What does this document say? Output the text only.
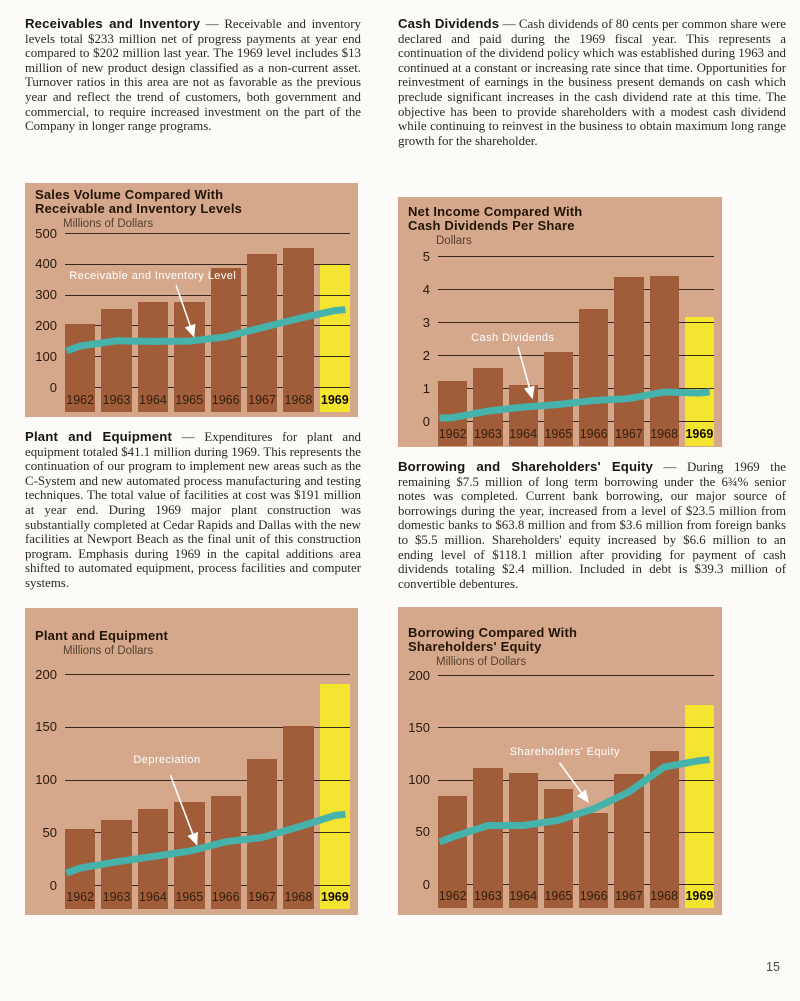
Receivables and Inventory — Receivable and inventory levels total $233 million net of progress payments at year end compared to $202 million last year. The 1969 level includes $13 million of new product design classified as a non-current asset. Turnover ratios in this area are not as favorable as the previous year and reflect the trend of customers, both government and commercial, to require increased investment on the part of the Company in longer range programs.

Cash Dividends — Cash dividends of 80 cents per common share were declared and paid during the 1969 fiscal year. This represents a continuation of the dividend policy which was established during 1963 and continued at a constant or increasing rate since that time. Opportunities for reinvestment of earnings in the business present demands on cash which preclude significant increases in the cash dividend rate at this time. The objective has been to provide shareholders with a modest cash dividend while continuing to reinvest in the business to obtain maximum long range growth for the shareholder.

Sales Volume Compared With
Receivable and Inventory Levels
Millions of Dollars
500
400
300
200
100
0
1962 1963 1964 1965 1966 1967 1968 1969
Receivable and Inventory Level
Net Income Compared With
Cash Dividends Per Share
Dollars
5
4
3
2
1
0
1962 1963 1964 1965 1966 1967 1968 1969
Cash Dividends

Plant and Equipment — Expenditures for plant and equipment totaled $41.1 million during 1969. This represents the continuation of our program to implement new areas such as the C-System and new automated process manufacturing and testing techniques. The total value of facilities at cost was $191 million at year end. During 1969 major plant construction was substantially completed at Cedar Rapids and Dallas with the new facilities at Newport Beach as the final unit of this construction program. Emphasis during 1969 in the capital additions area shifted to automated equipment, process facilities and computer systems.

Borrowing and Shareholders' Equity — During 1969 the remaining $7.5 million of long term borrowing under the 6¾% senior notes was completed. Current bank borrowing, our major source of borrowings during the year, increased from a level of $23.5 million from domestic banks to $63.8 million and from $3.6 million from foreign banks to $5.5 million. Shareholders' equity increased by $6.6 million to an ending level of $118.1 million after providing for payment of cash dividends totaling $2.4 million. Included in debt is $39.3 million of convertible debentures.

Plant and Equipment
Millions of Dollars
200
150
100
50
0
1962 1963 1964 1965 1966 1967 1968 1969
Depreciation
Borrowing Compared With
Shareholders' Equity
Millions of Dollars
200
150
100
50
0
1962 1963 1964 1965 1966 1967 1968 1969
Shareholders' Equity
15
